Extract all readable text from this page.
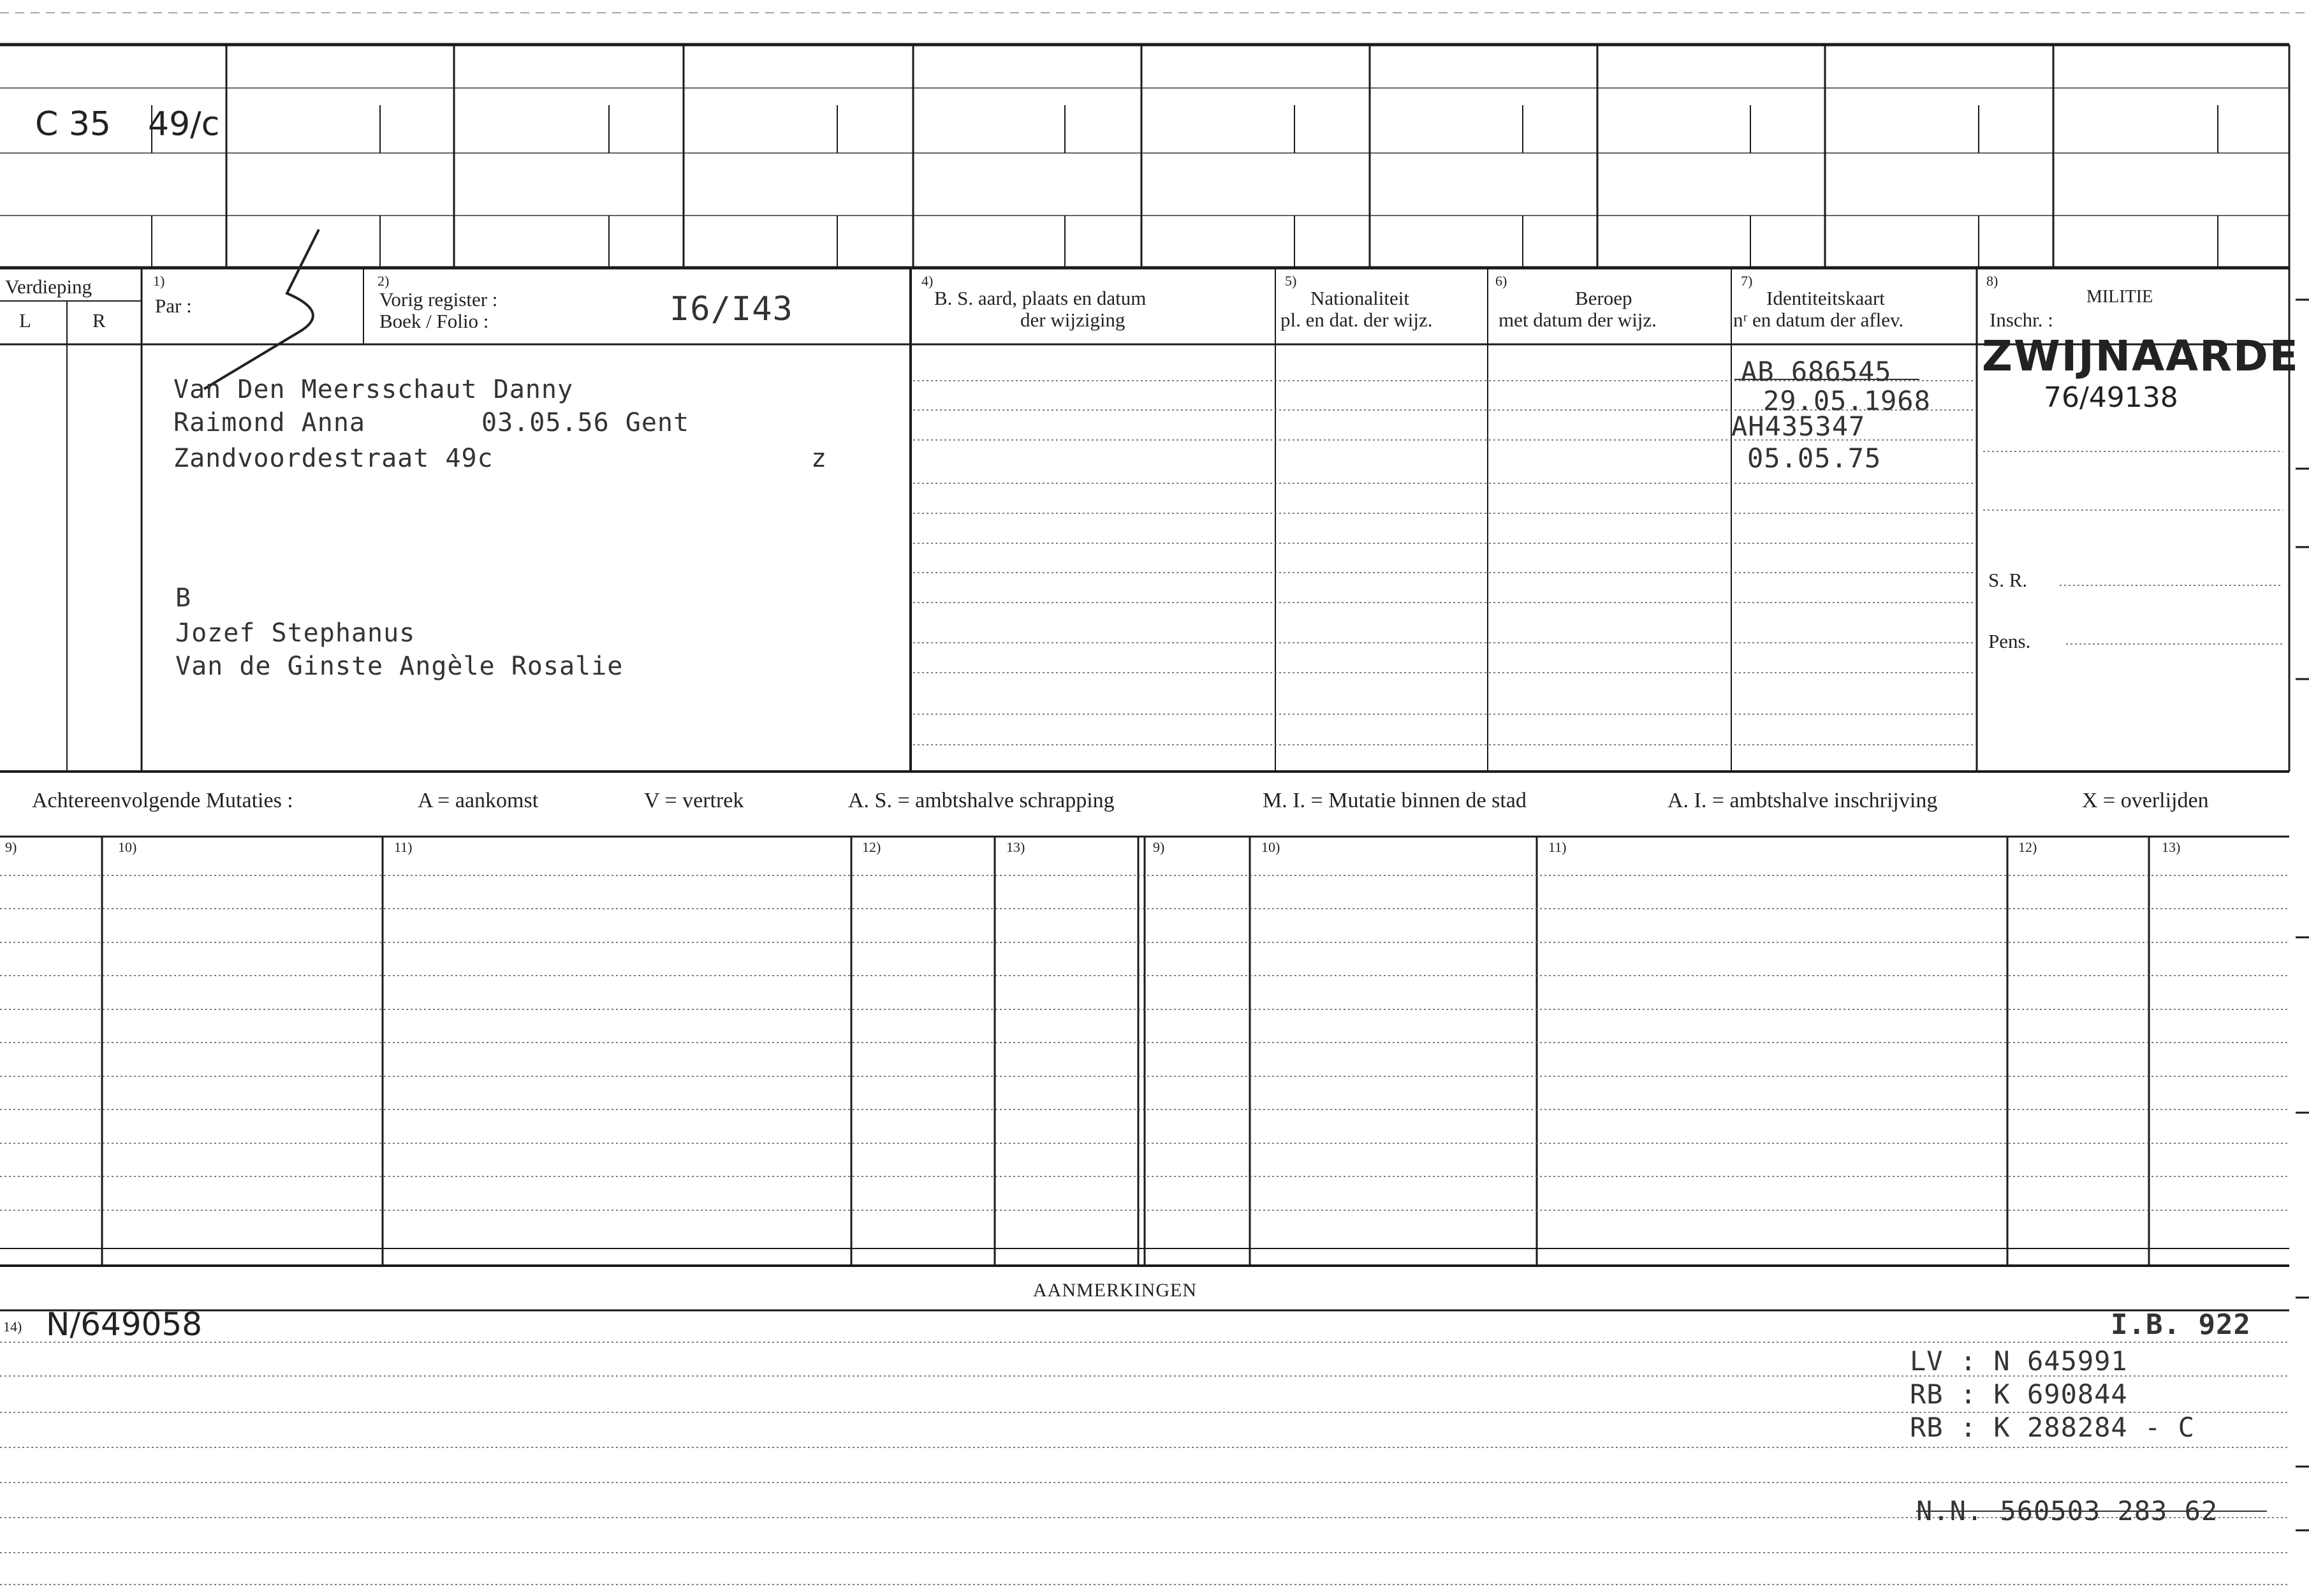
C 35 49/c
Verdieping
L	R
1)
Par :
2)
Vorig register :
Boek / Folio :	I6/I43
4)
B. S. aard, plaats en datum
der wijziging
5)
Nationaliteit
pl. en dat. der wijz.
6)
Beroep
met datum der wijz.
7)
Identiteitskaart
nʳ en datum der aflev.
8)
MILITIE
Inschr. :
S. R.
Pens.
Van Den Meersschaut Danny
Raimond Anna	03.05.56 Gent
Zandvoordestraat 49c	z
B
Jozef Stephanus
Van de Ginste Angèle Rosalie
AB 686545
29.05.1968
AH435347
05.05.75
ZWIJNAARDE
76/49138
Achtereenvolgende Mutaties :	A = aankomst	V = vertrek	A. S. = ambtshalve schrapping	M. I. = Mutatie binnen de stad	A. I. = ambtshalve inschrijving	X = overlijden
9)	10)	11)	12)	13)	9)	10)	11)	12)	13)
AANMERKINGEN
14) N/649058	I.B. 922
LV : N 645991
RB : K 690844
RB : K 288284 - C
N.N. 560503 283 62
